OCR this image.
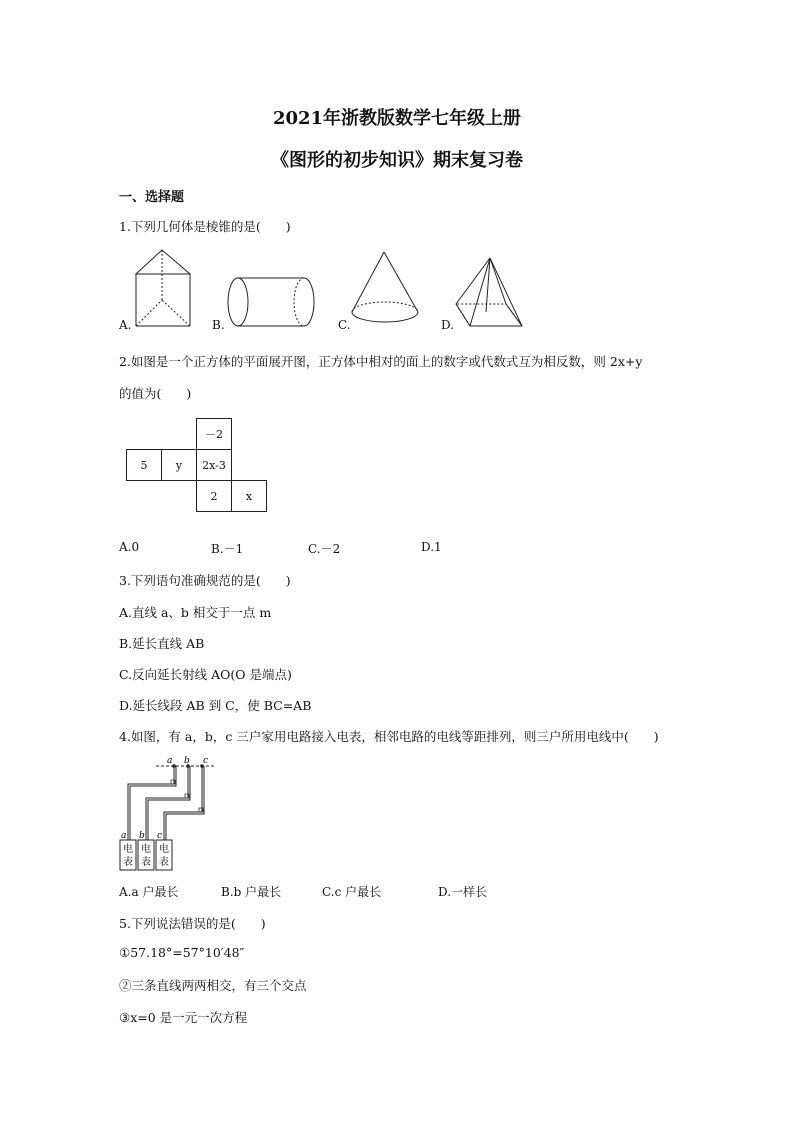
2021年浙教版数学七年级上册
《图形的初步知识》期末复习卷
一、选择题
1.下列几何体是棱锥的是(　　)
A.	B.	C.	D.
2.如图是一个正方体的平面展开图，正方体中相对的面上的数字或代数式互为相反数，则 2x+y
的值为(　　)
		－2	
5	y	2x-3	
		2	x
A.0	B.－1	C.－2	D.1
3.下列语句准确规范的是(　　)
A.直线 a、b 相交于一点 m
B.延长直线 AB
C.反向延长射线 AO(O 是端点)
D.延长线段 AB 到 C，使 BC=AB
4.如图，有 a，b，c 三户家用电路接入电表，相邻电路的电线等距排列，则三户所用电线中(　　)
a b c
a b c
电表
电表
电表
A.a 户最长	B.b 户最长	C.c 户最长	D.一样长
5.下列说法错误的是(　　)
①57.18°=57°10′48″
②三条直线两两相交，有三个交点
③x=0 是一元一次方程
